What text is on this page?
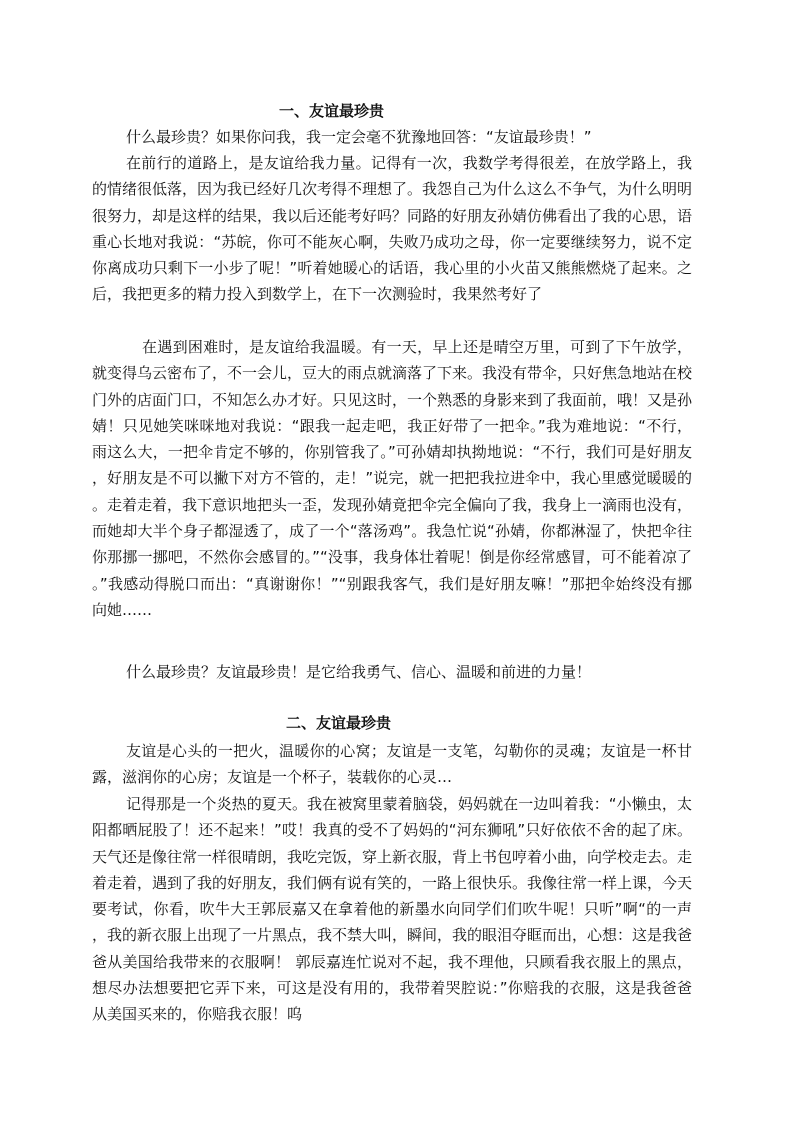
一、友谊最珍贵

什么最珍贵？如果你问我，我一定会毫不犹豫地回答：“友谊最珍贵！”

在前行的道路上，是友谊给我力量。记得有一次，我数学考得很差，在放学路上，我的情绪很低落，因为我已经好几次考得不理想了。我怨自己为什么这么不争气，为什么明明很努力，却是这样的结果，我以后还能考好吗？同路的好朋友孙婧仿佛看出了我的心思，语重心长地对我说：“苏皖，你可不能灰心啊，失败乃成功之母，你一定要继续努力，说不定你离成功只剩下一小步了呢！”听着她暖心的话语，我心里的小火苗又熊熊燃烧了起来。之后，我把更多的精力投入到数学上，在下一次测验时，我果然考好了

在遇到困难时，是友谊给我温暖。有一天，早上还是晴空万里，可到了下午放学，就变得乌云密布了，不一会儿，豆大的雨点就滴落了下来。我没有带伞，只好焦急地站在校门外的店面门口，不知怎么办才好。只见这时，一个熟悉的身影来到了我面前，哦！又是孙婧！只见她笑咪咪地对我说：“跟我一起走吧，我正好带了一把伞。”我为难地说：“不行，雨这么大，一把伞肯定不够的，你别管我了。”可孙婧却执拗地说：“不行，我们可是好朋友，好朋友是不可以撇下对方不管的，走！”说完，就一把把我拉进伞中，我心里感觉暖暖的。走着走着，我下意识地把头一歪，发现孙婧竟把伞完全偏向了我，我身上一滴雨也没有，而她却大半个身子都湿透了，成了一个“落汤鸡”。我急忙说“孙婧，你都淋湿了，快把伞往你那挪一挪吧，不然你会感冒的。”“没事，我身体壮着呢！倒是你经常感冒，可不能着凉了。”我感动得脱口而出：“真谢谢你！”“别跟我客气，我们是好朋友嘛！”那把伞始终没有挪向她……

什么最珍贵？友谊最珍贵！是它给我勇气、信心、温暖和前进的力量！

二、友谊最珍贵

友谊是心头的一把火，温暖你的心窝；友谊是一支笔，勾勒你的灵魂；友谊是一杯甘露，滋润你的心房；友谊是一个杯子，装载你的心灵…

记得那是一个炎热的夏天。我在被窝里蒙着脑袋，妈妈就在一边叫着我：“小懒虫，太阳都晒屁股了！还不起来！”哎！我真的受不了妈妈的“河东狮吼”只好依依不舍的起了床。天气还是像往常一样很晴朗，我吃完饭，穿上新衣服，背上书包哼着小曲，向学校走去。走着走着，遇到了我的好朋友，我们俩有说有笑的，一路上很快乐。我像往常一样上课，今天要考试，你看，吹牛大王郭辰嘉又在拿着他的新墨水向同学们们吹牛呢！只听”啊“的一声，我的新衣服上出现了一片黑点，我不禁大叫，瞬间，我的眼泪夺眶而出，心想：这是我爸爸从美国给我带来的衣服啊！ 郭辰嘉连忙说对不起，我不理他，只顾看我衣服上的黑点，想尽办法想要把它弄下来，可这是没有用的，我带着哭腔说：”你赔我的衣服，这是我爸爸从美国买来的，你赔我衣服！呜
